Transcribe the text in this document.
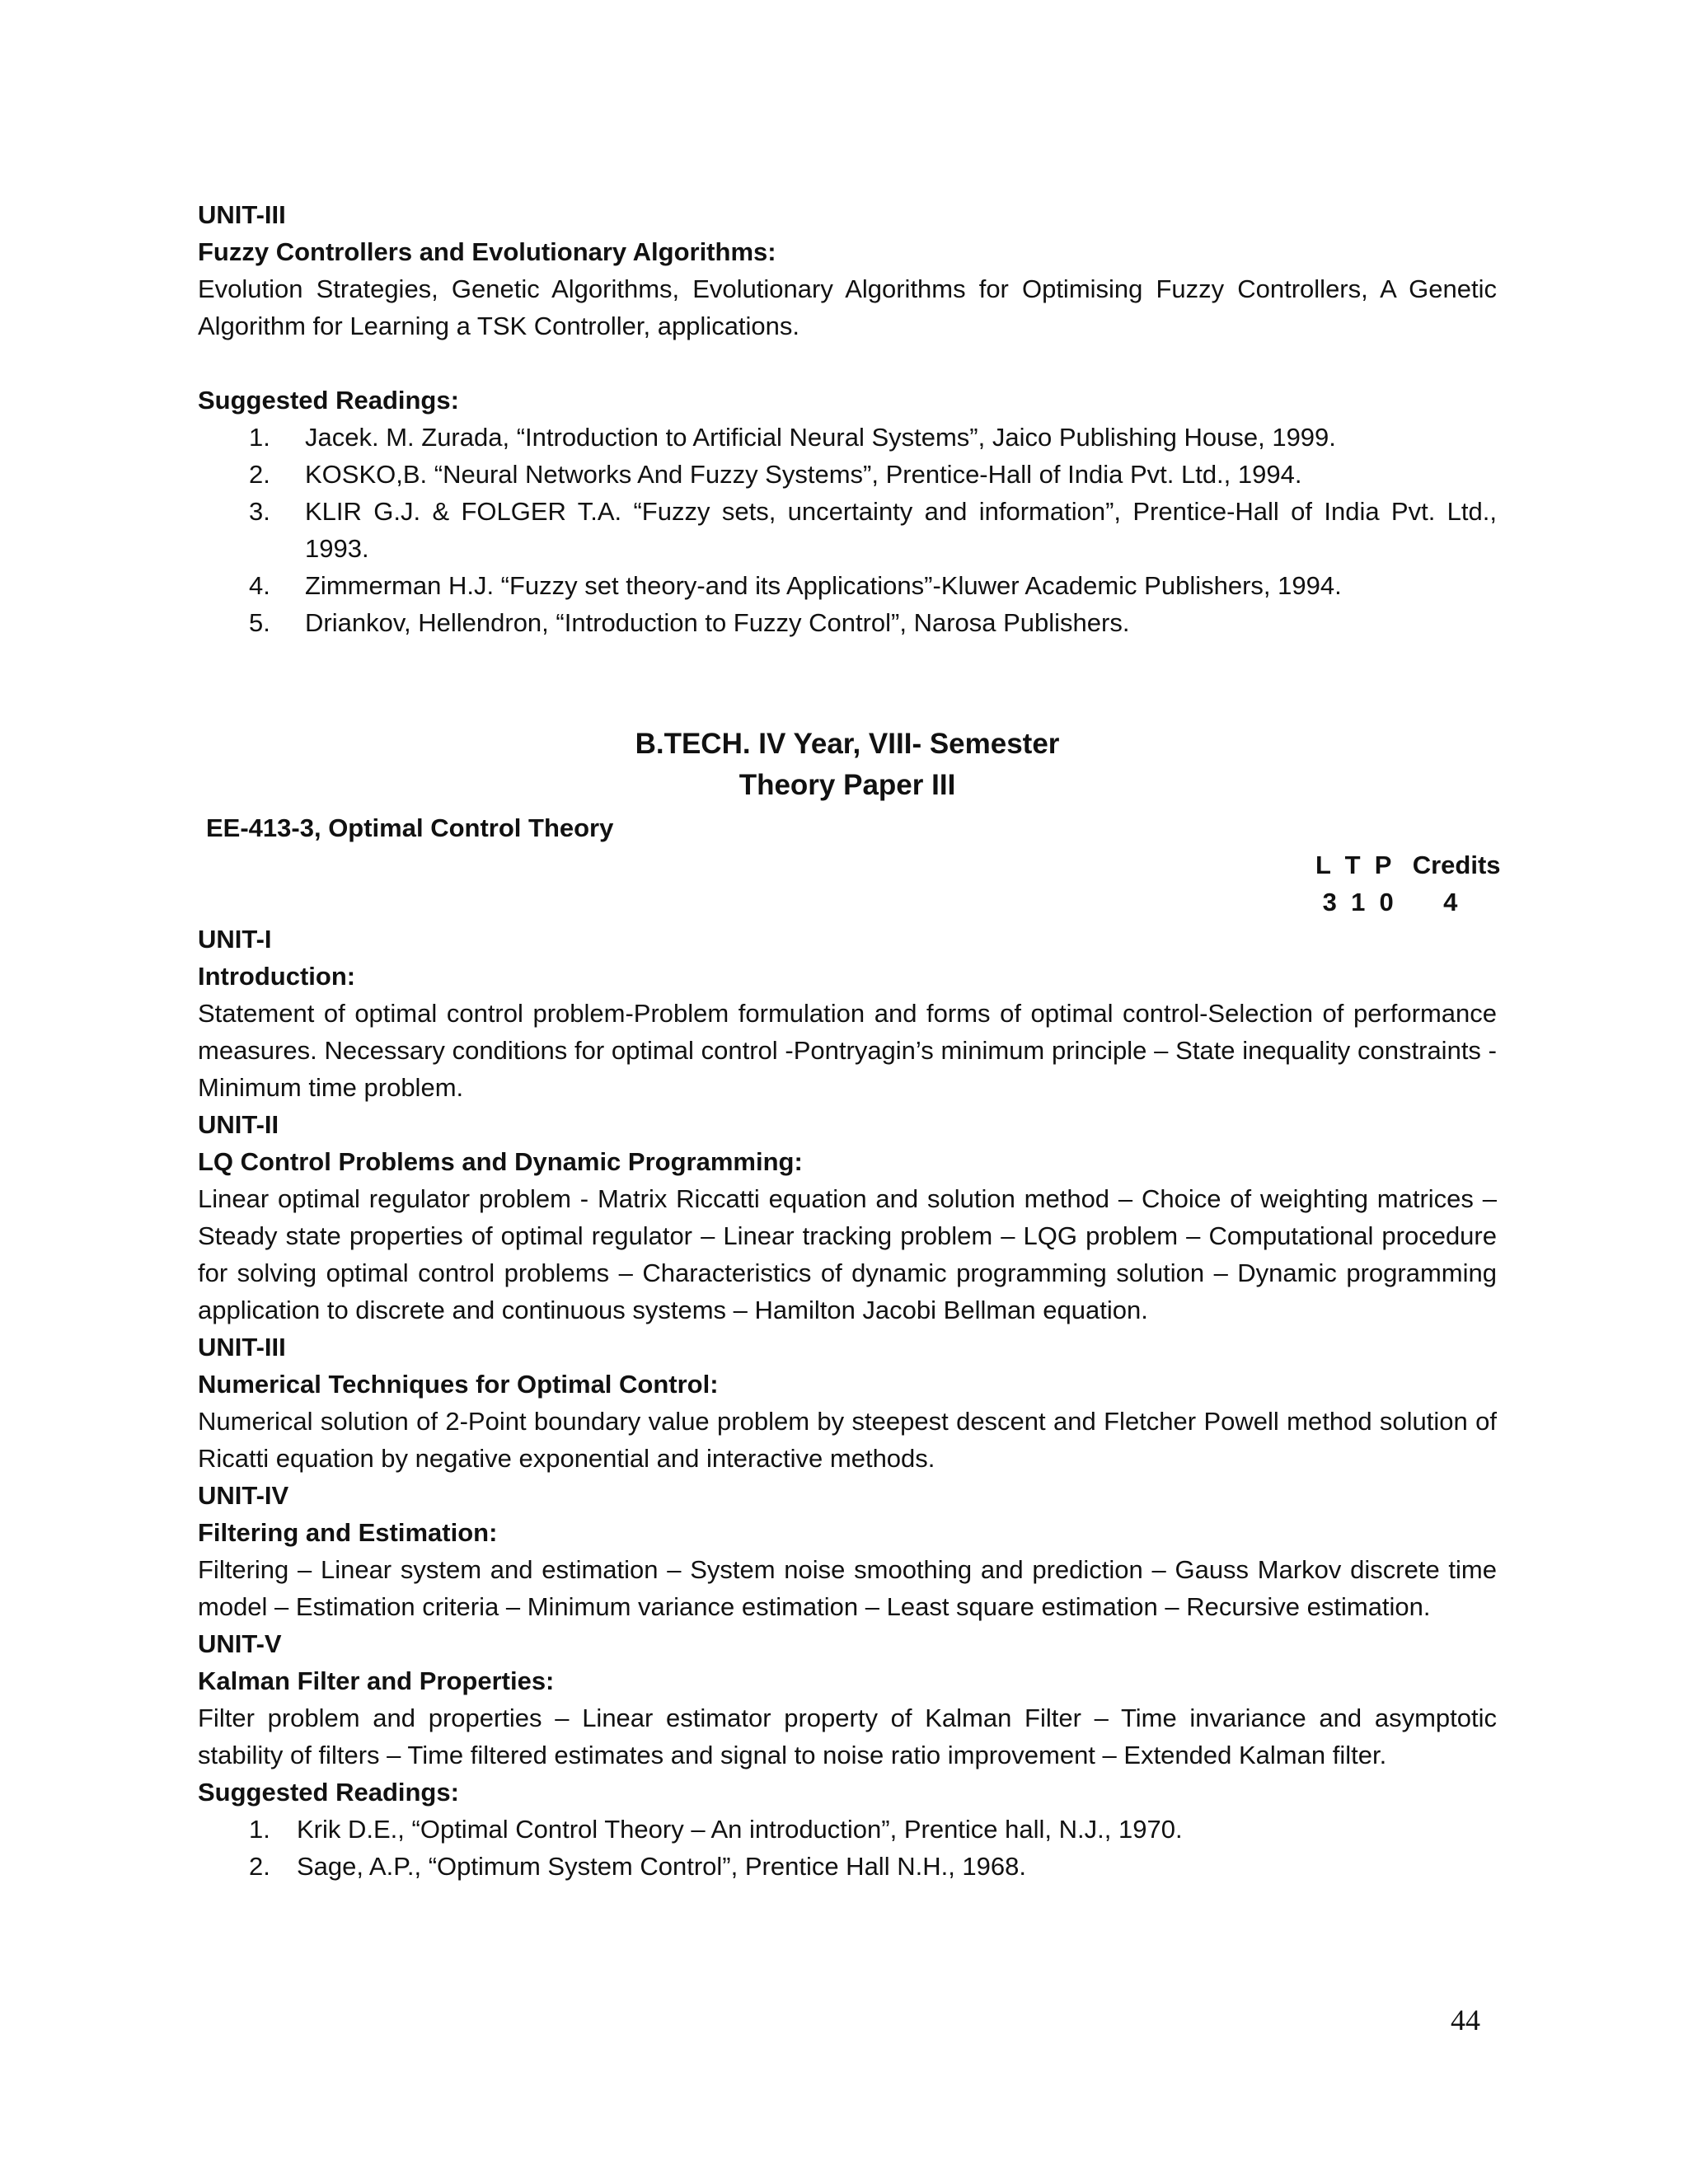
UNIT-III

Fuzzy Controllers and Evolutionary Algorithms:

Evolution Strategies, Genetic Algorithms, Evolutionary Algorithms for Optimising Fuzzy Controllers, A Genetic Algorithm for Learning a TSK Controller, applications.

Suggested Readings:

1. Jacek. M. Zurada, “Introduction to Artificial Neural Systems”, Jaico Publishing House, 1999.
2. KOSKO,B. “Neural Networks And Fuzzy Systems”, Prentice-Hall of India Pvt. Ltd., 1994.
3. KLIR G.J. & FOLGER T.A. “Fuzzy sets, uncertainty and information”, Prentice-Hall of India Pvt. Ltd., 1993.
4. Zimmerman H.J. “Fuzzy set theory-and its Applications”-Kluwer Academic Publishers, 1994.
5. Driankov, Hellendron, “Introduction to Fuzzy Control”, Narosa Publishers.

B.TECH. IV Year, VIII- Semester

Theory Paper III

EE-413-3, Optimal Control Theory

L  T  P   Credits

3  1  0       4

UNIT-I

Introduction:

Statement of optimal control problem-Problem formulation and forms of optimal control-Selection of performance measures. Necessary conditions for optimal control -Pontryagin’s minimum principle – State inequality constraints - Minimum time problem.

UNIT-II

LQ Control Problems and Dynamic Programming:

Linear optimal regulator problem - Matrix Riccatti equation and solution method – Choice of weighting matrices – Steady state properties of optimal regulator – Linear tracking problem – LQG problem – Computational procedure for solving optimal control problems – Characteristics of dynamic programming solution – Dynamic programming application to discrete and continuous systems – Hamilton Jacobi Bellman equation.

UNIT-III

Numerical Techniques for Optimal Control:

Numerical solution of 2-Point boundary value problem by steepest descent and Fletcher Powell method solution of Ricatti equation by negative exponential and interactive methods.

UNIT-IV

Filtering and Estimation:

Filtering – Linear system and estimation – System noise smoothing and prediction – Gauss Markov discrete time model – Estimation criteria – Minimum variance estimation – Least square estimation – Recursive estimation.

UNIT-V

Kalman Filter and Properties:

Filter problem and properties – Linear estimator property of Kalman Filter – Time invariance and asymptotic stability of filters – Time filtered estimates and signal to noise ratio improvement – Extended Kalman filter.

Suggested Readings:

1. Krik D.E., “Optimal Control Theory – An introduction”, Prentice hall, N.J., 1970.
2. Sage, A.P., “Optimum System Control”, Prentice Hall N.H., 1968.
44
